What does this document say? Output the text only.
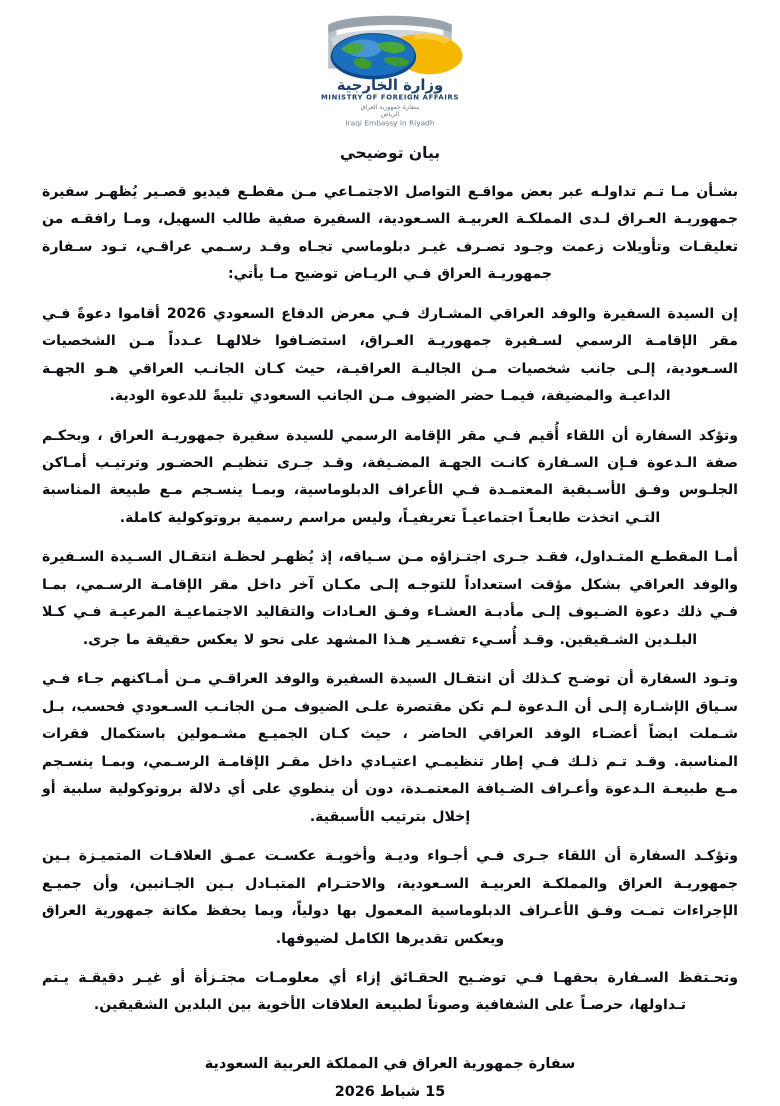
وزارة الخارجية
MINISTRY OF FOREIGN AFFAIRS
سفارة جمهورية العراق
الرياض
Iraqi Embassy in Riyadh
بيان توضيحي

بشـأن مـا تـم تداولـه عبر بعض مواقـع التواصل الاجتمـاعي مـن مقطـع فيديو قصـير يُظهـر سفيرة جمهوريـة العـراق لـدى المملكـة العربيـة السـعودية، السفيرة صفية طالب السهيل، ومـا رافقـه من تعليقـات وتأويلات زعمت وجـود تصـرف غيـر دبلوماسي تجـاه وفـد رسـمي عراقـي، تـود سـفارة جمهوريـة العراق فـي الريـاض توضيح مـا يأتي:

إن السيدة السفيرة والوفد العراقي المشـارك فـي معرض الدفاع السعودي 2026 أقاموا دعوةً فـي مقر الإقامـة الرسمي لسـفيرة جمهوريـة العـراق، استضـافوا خلالهـا عـدداً مـن الشخصيات السـعودية، إلـى جانب شخصيات مـن الجاليـة العراقيـة، حيث كـان الجانـب العراقي هـو الجهـة الداعيـة والمضيفة، فيمـا حضر الضيوف مـن الجانب السعودي تلبيةً للدعوة الودية.

وتؤكد السفارة أن اللقاء أُقيم فـي مقر الإقامة الرسمي للسيدة سفيرة جمهوريـة العراق ، وبحكـم صفة الـدعوة فـإن السـفارة كانـت الجهـة المضـيفة، وقـد جـرى تنظيـم الحضـور وترتيـب أمـاكن الجلـوس وفـق الأسـبقية المعتمـدة فـي الأعراف الدبلوماسية، وبمـا ينسـجم مـع طبيعة المناسبة التـي اتخذت طابعـاً اجتماعيـاً تعريفيـاً، وليس مراسم رسمية بروتوكولية كاملة.

أمـا المقطـع المتـداول، فقـد جـرى اجتـزاؤه مـن سـياقه، إذ يُظهـر لحظـة انتقـال السـيدة السـفيرة والوفد العراقي بشكل مؤقت استعداداً للتوجـه إلـى مكـان آخر داخل مقر الإقامـة الرسـمي، بمـا فـي ذلك دعوة الضـيوف إلـى مأدبـة العشـاء وفـق العـادات والتقاليد الاجتماعيـة المرعيـة فـي كـلا البلـدين الشـقيقين. وقـد أُسـيء تفسـير هـذا المشهد على نحو لا يعكس حقيقة ما جرى.

وتـود السفارة أن توضـح كـذلك أن انتقـال السيدة السفيرة والوفد العراقـي مـن أمـاكنهم جـاء فـي سـياق الإشـارة إلـى أن الـدعوة لـم تكن مقتصرة علـى الضيوف مـن الجانـب السـعودي فحسب، بـل شـملت ايضاً أعضـاء الوفد العراقي الحاضر ، حيث كـان الجميـع مشـمولين باستكمال فقرات المناسبة. وقـد تـم ذلـك فـي إطار تنظيمـي اعتيـادي داخل مقـر الإقامـة الرسـمي، وبمـا ينسـجم مـع طبيعـة الـدعوة وأعـراف الضـيافة المعتمـدة، دون أن ينطوي على أي دلالة بروتوكولية سلبية أو إخلال بترتيب الأسبقية.

وتؤكـد السفارة أن اللقاء جـرى فـي أجـواء وديـة وأخويـة عكسـت عمـق العلاقـات المتميـزة بـين جمهوريـة العراق والمملكـة العربيـة السـعودية، والاحتـرام المتبـادل بـين الجـانبين، وأن جميـع الإجراءات تمـت وفـق الأعـراف الدبلوماسية المعمول بها دولياً، وبما يحفظ مكانة جمهورية العراق ويعكس تقديرها الكامل لضيوفها.

وتحـتفظ السـفارة بحقهـا فـي توضـيح الحقـائق إزاء أي معلومـات مجتـزأة أو غيـر دقيقـة يـتم تـداولها، حرصـاً على الشفافية وصوناً لطبيعة العلاقات الأخوية بين البلدين الشقيقين.

سفارة جمهورية العراق في المملكة العربية السعودية
15 شباط 2026
